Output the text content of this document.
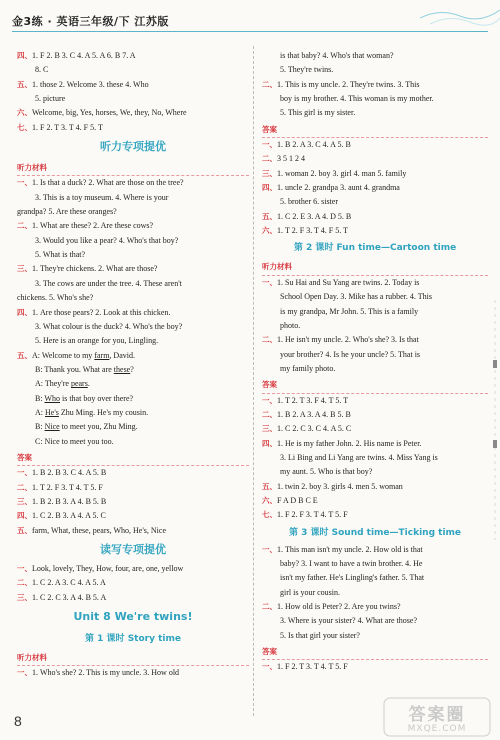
金3练 · 英语三年级/下 江苏版
四、1. F 2. B 3. C 4. A 5. A 6. B 7. A
8. C
五、1. those 2. Welcome 3. these 4. Who
5. picture
六、Welcome, big, Yes, horses, We, they, No, Where
七、1. F 2. T 3. T 4. F 5. T
听力专项提优
听力材料
一、1. Is that a duck? 2. What are those on the tree?
3. This is a toy museum. 4. Where is your
grandpa? 5. Are these oranges?
二、1. What are these? 2. Are these cows?
3. Would you like a pear? 4. Who's that boy?
5. What is that?
三、1. They're chickens. 2. What are those?
3. The cows are under the tree. 4. These aren't
chickens. 5. Who's she?
四、1. Are those pears? 2. Look at this chicken.
3. What colour is the duck? 4. Who's the boy?
5. Here is an orange for you, Lingling.
五、A: Welcome to my farm, David.
B: Thank you. What are these?
A: They're pears.
B: Who is that boy over there?
A: He's Zhu Ming. He's my cousin.
B: Nice to meet you, Zhu Ming.
C: Nice to meet you too.
答案
一、1. B 2. B 3. C 4. A 5. B
二、1. T 2. F 3. T 4. T 5. F
三、1. B 2. B 3. A 4. B 5. B
四、1. C 2. B 3. A 4. A 5. C
五、farm, What, these, pears, Who, He's, Nice
读写专项提优
一、Look, lovely, They, How, four, are, one, yellow
二、1. C 2. A 3. C 4. A 5. A
三、1. C 2. C 3. A 4. B 5. A
Unit 8 We're twins!
第 1 课时 Story time
听力材料
一、1. Who's she? 2. This is my uncle. 3. How old
is that baby? 4. Who's that woman?
5. They're twins.
二、1. This is my uncle. 2. They're twins. 3. This
boy is my brother. 4. This woman is my mother.
5. This girl is my sister.
答案
一、1. B 2. A 3. C 4. A 5. B
二、3 5 1 2 4
三、1. woman 2. boy 3. girl 4. man 5. family
四、1. uncle 2. grandpa 3. aunt 4. grandma
5. brother 6. sister
五、1. C 2. E 3. A 4. D 5. B
六、1. T 2. F 3. T 4. F 5. T
第 2 课时 Fun time—Cartoon time
听力材料
一、1. Su Hai and Su Yang are twins. 2. Today is
School Open Day. 3. Mike has a rubber. 4. This
is my grandpa, Mr John. 5. This is a family
photo.
二、1. He isn't my uncle. 2. Who's she? 3. Is that
your brother? 4. Is he your uncle? 5. That is
my family photo.
答案
一、1. T 2. T 3. F 4. T 5. T
二、1. B 2. A 3. A 4. B 5. B
三、1. C 2. C 3. C 4. A 5. C
四、1. He is my father John. 2. His name is Peter.
3. Li Bing and Li Yang are twins. 4. Miss Yang is
my aunt. 5. Who is that boy?
五、1. twin 2. boy 3. girls 4. men 5. woman
六、F A D B C E
七、1. F 2. F 3. T 4. T 5. F
第 3 课时 Sound time—Ticking time
一、1. This man isn't my uncle. 2. How old is that
baby? 3. I want to have a twin brother. 4. He
isn't my father. He's Lingling's father. 5. That
girl is your cousin.
二、1. How old is Peter? 2. Are you twins?
3. Where is your sister? 4. What are those?
5. Is that girl your sister?
答案
一、1. F 2. T 3. T 4. T 5. F
8	答案圈
MXQE.COM
